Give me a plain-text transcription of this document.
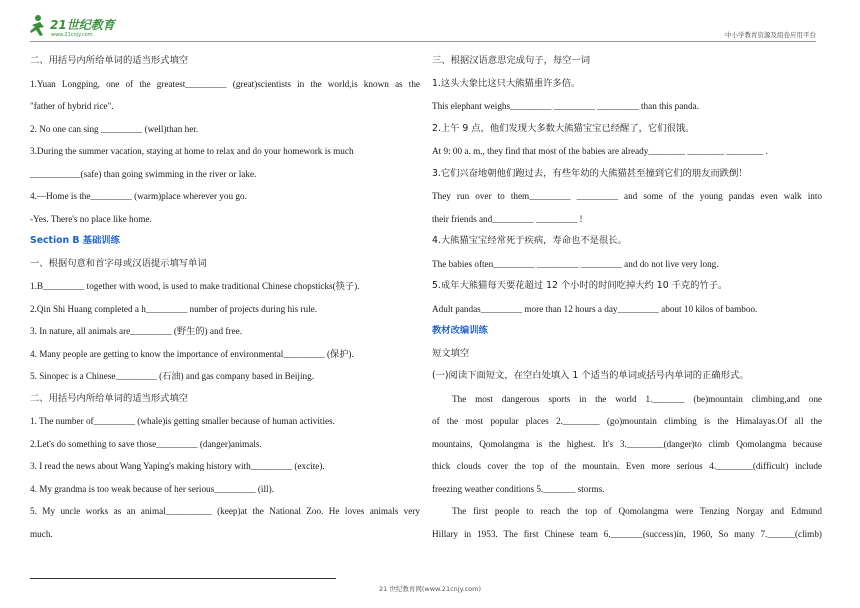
21世纪教育
www.21cnjy.com	中小学教育资源及组卷应用平台
二、用括号内所给单词的适当形式填空
1.Yuan Longping, one of the greatest_________ (great)scientists in the world,is known as the
"father of hybrid rice".
2. No one can sing _________ (well)than her.
3.During the summer vacation, staying at home to relax and do your homework is much
___________(safe) than going swimming in the river or lake.
4.—Home is the_________ (warm)place wherever you go.
-Yes. There's no place like home.
Section B 基础训练
一、根据句意和首字母或汉语提示填写单词
1.B_________ together with wood, is used to make traditional Chinese chopsticks(筷子).
2.Qin Shi Huang completed a h_________ number of projects during his rule.
3. In nature, all animals are_________ (野生的) and free.
4. Many people are getting to know the importance of environmental_________ (保护).
5. Sinopec is a Chinese_________ (石油) and gas company based in Beijing.
二、用括号内所给单词的适当形式填空
1. The number of_________ (whale)is getting smaller because of human activities.
2.Let's do something to save those_________ (danger)animals.
3. I read the news about Wang Yaping's making history with_________ (excite).
4. My grandma is too weak because of her serious_________ (ill).
5. My uncle works as an animal__________ (keep)at the National Zoo. He loves animals very
much.
三、根据汉语意思完成句子，每空一词
1.这头大象比这只大熊猫重许多倍。
This elephant weighs_________ _________ _________ than this panda.
2.上午 9 点，他们发现大多数大熊猫宝宝已经醒了，它们很饿。
At 9: 00 a. m., they find that most of the babies are already________ ________ ________ .
3.它们兴奋地朝他们跑过去，有些年幼的大熊猫甚至撞到它们的朋友而跌倒！
They run over to them_________ _________ and some of the young pandas even walk into
their friends and_________ _________ !
4.大熊猫宝宝经常死于疾病，寿命也不是很长。
The babies often_________ _________ _________ and do not live very long.
5.成年大熊猫每天要花超过 12 个小时的时间吃掉大约 10 千克的竹子。
Adult pandas_________ more than 12 hours a day_________ about 10 kilos of bamboo.
教材改编训练
短文填空
(一)阅读下面短文，在空白处填入 1 个适当的单词或括号内单词的正确形式。
The most dangerous sports in the world 1._______ (be)mountain climbing,and one
of the most popular places 2.________ (go)mountain climbing is the Himalayas.Of all the
mountains, Qomolangma is the highest. It's 3.________(danger)to climb Qomolangma because
thick clouds cover the top of the mountain. Even more serious 4.________(difficult) include
freezing weather conditions 5._______ storms.
The first people to reach the top of Qomolangma were Tenzing Norgay and Edmund
Hillary in 1953. The first Chinese team 6._______(success)in, 1960, So many 7.______(climb)
21 世纪教育网(www.21cnjy.com)
